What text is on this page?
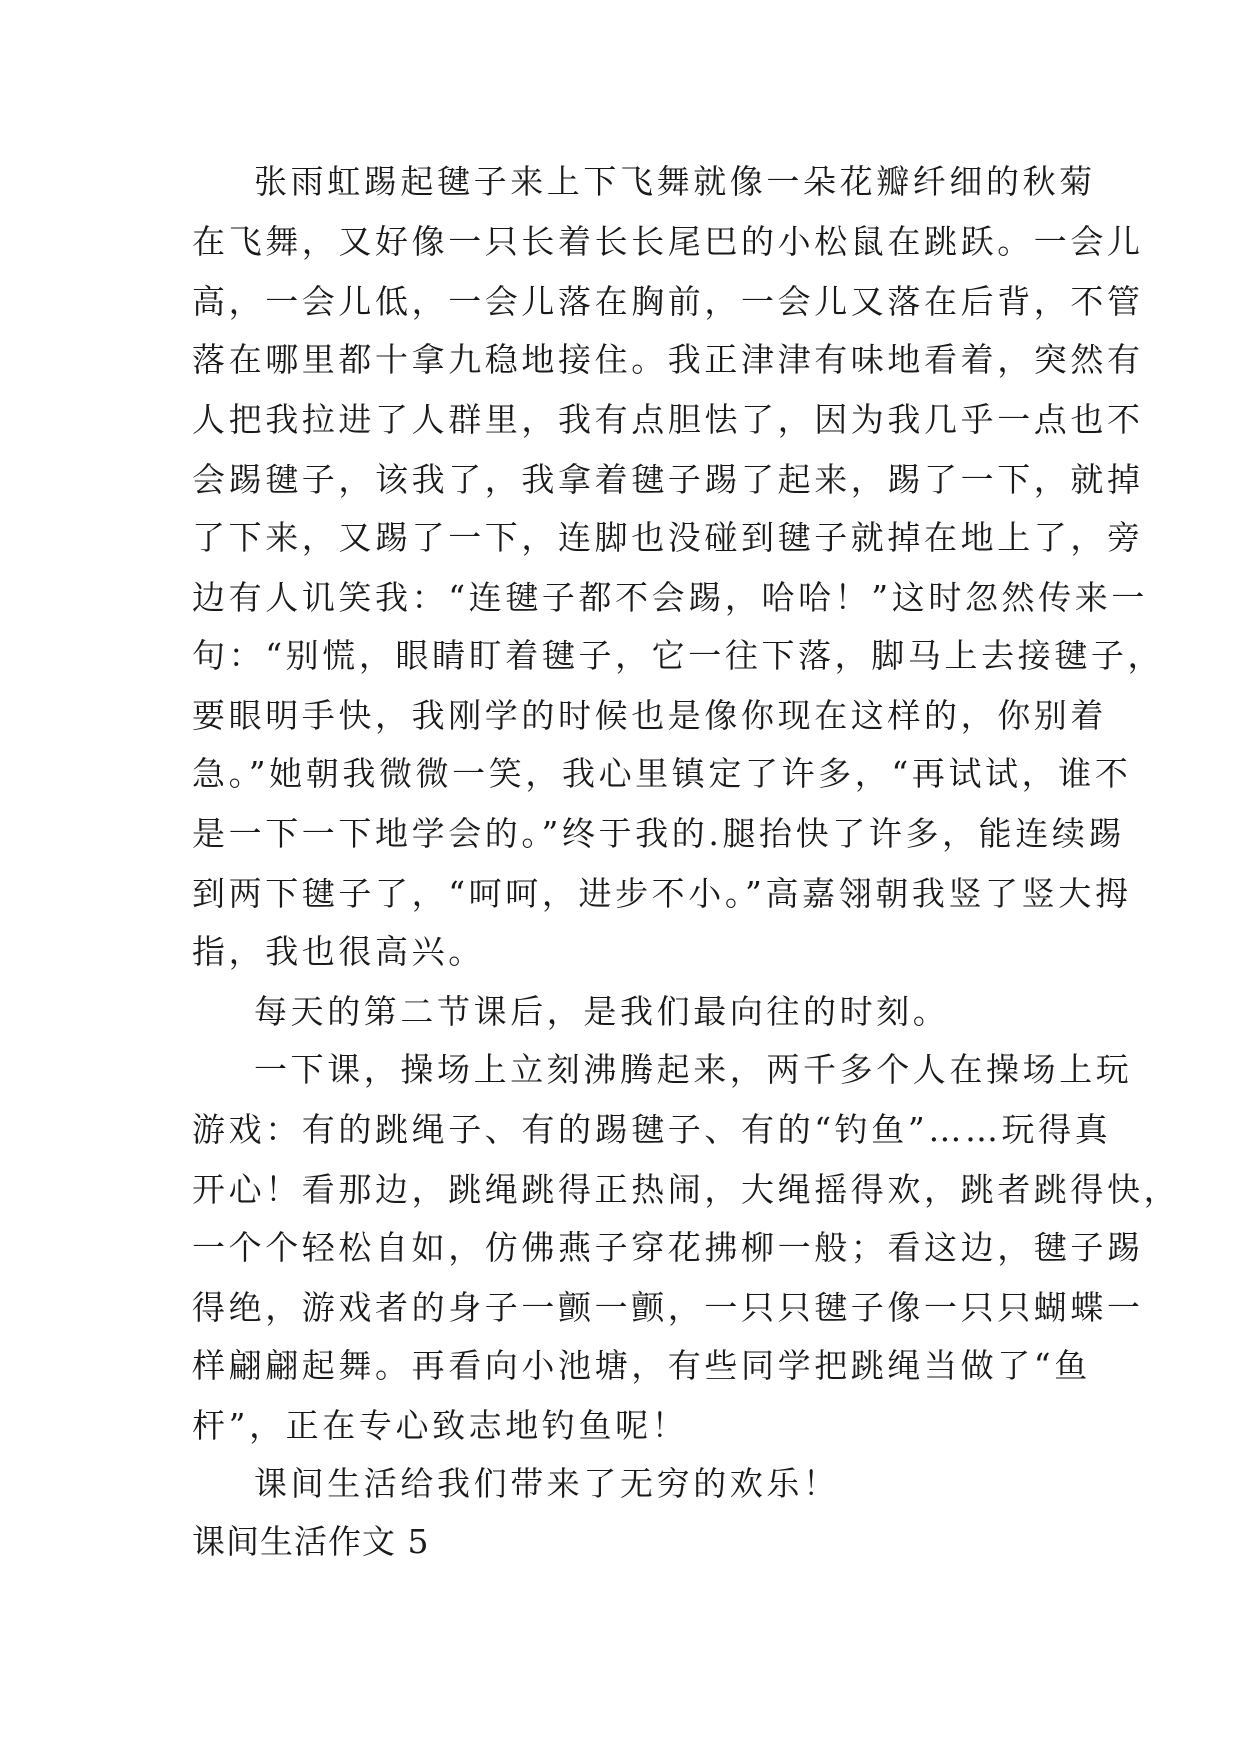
张雨虹踢起毽子来上下飞舞就像一朵花瓣纤细的秋菊
在飞舞，又好像一只长着长长尾巴的小松鼠在跳跃。一会儿
高，一会儿低，一会儿落在胸前，一会儿又落在后背，不管
落在哪里都十拿九稳地接住。我正津津有味地看着，突然有
人把我拉进了人群里，我有点胆怯了，因为我几乎一点也不
会踢毽子，该我了，我拿着毽子踢了起来，踢了一下，就掉
了下来，又踢了一下，连脚也没碰到毽子就掉在地上了，旁
边有人讥笑我：“连毽子都不会踢，哈哈！”这时忽然传来一
句：“别慌，眼睛盯着毽子，它一往下落，脚马上去接毽子，
要眼明手快，我刚学的时候也是像你现在这样的，你别着
急。”她朝我微微一笑，我心里镇定了许多，“再试试，谁不
是一下一下地学会的。”终于我的.腿抬快了许多，能连续踢
到两下毽子了，“呵呵，进步不小。”高嘉翎朝我竖了竖大拇
指，我也很高兴。
每天的第二节课后，是我们最向往的时刻。
一下课，操场上立刻沸腾起来，两千多个人在操场上玩
游戏：有的跳绳子、有的踢毽子、有的“钓鱼”……玩得真
开心！看那边，跳绳跳得正热闹，大绳摇得欢，跳者跳得快，
一个个轻松自如，仿佛燕子穿花拂柳一般；看这边，毽子踢
得绝，游戏者的身子一颤一颤，一只只毽子像一只只蝴蝶一
样翩翩起舞。再看向小池塘，有些同学把跳绳当做了“鱼
杆”，正在专心致志地钓鱼呢！
课间生活给我们带来了无穷的欢乐！
课间生活作文 5
